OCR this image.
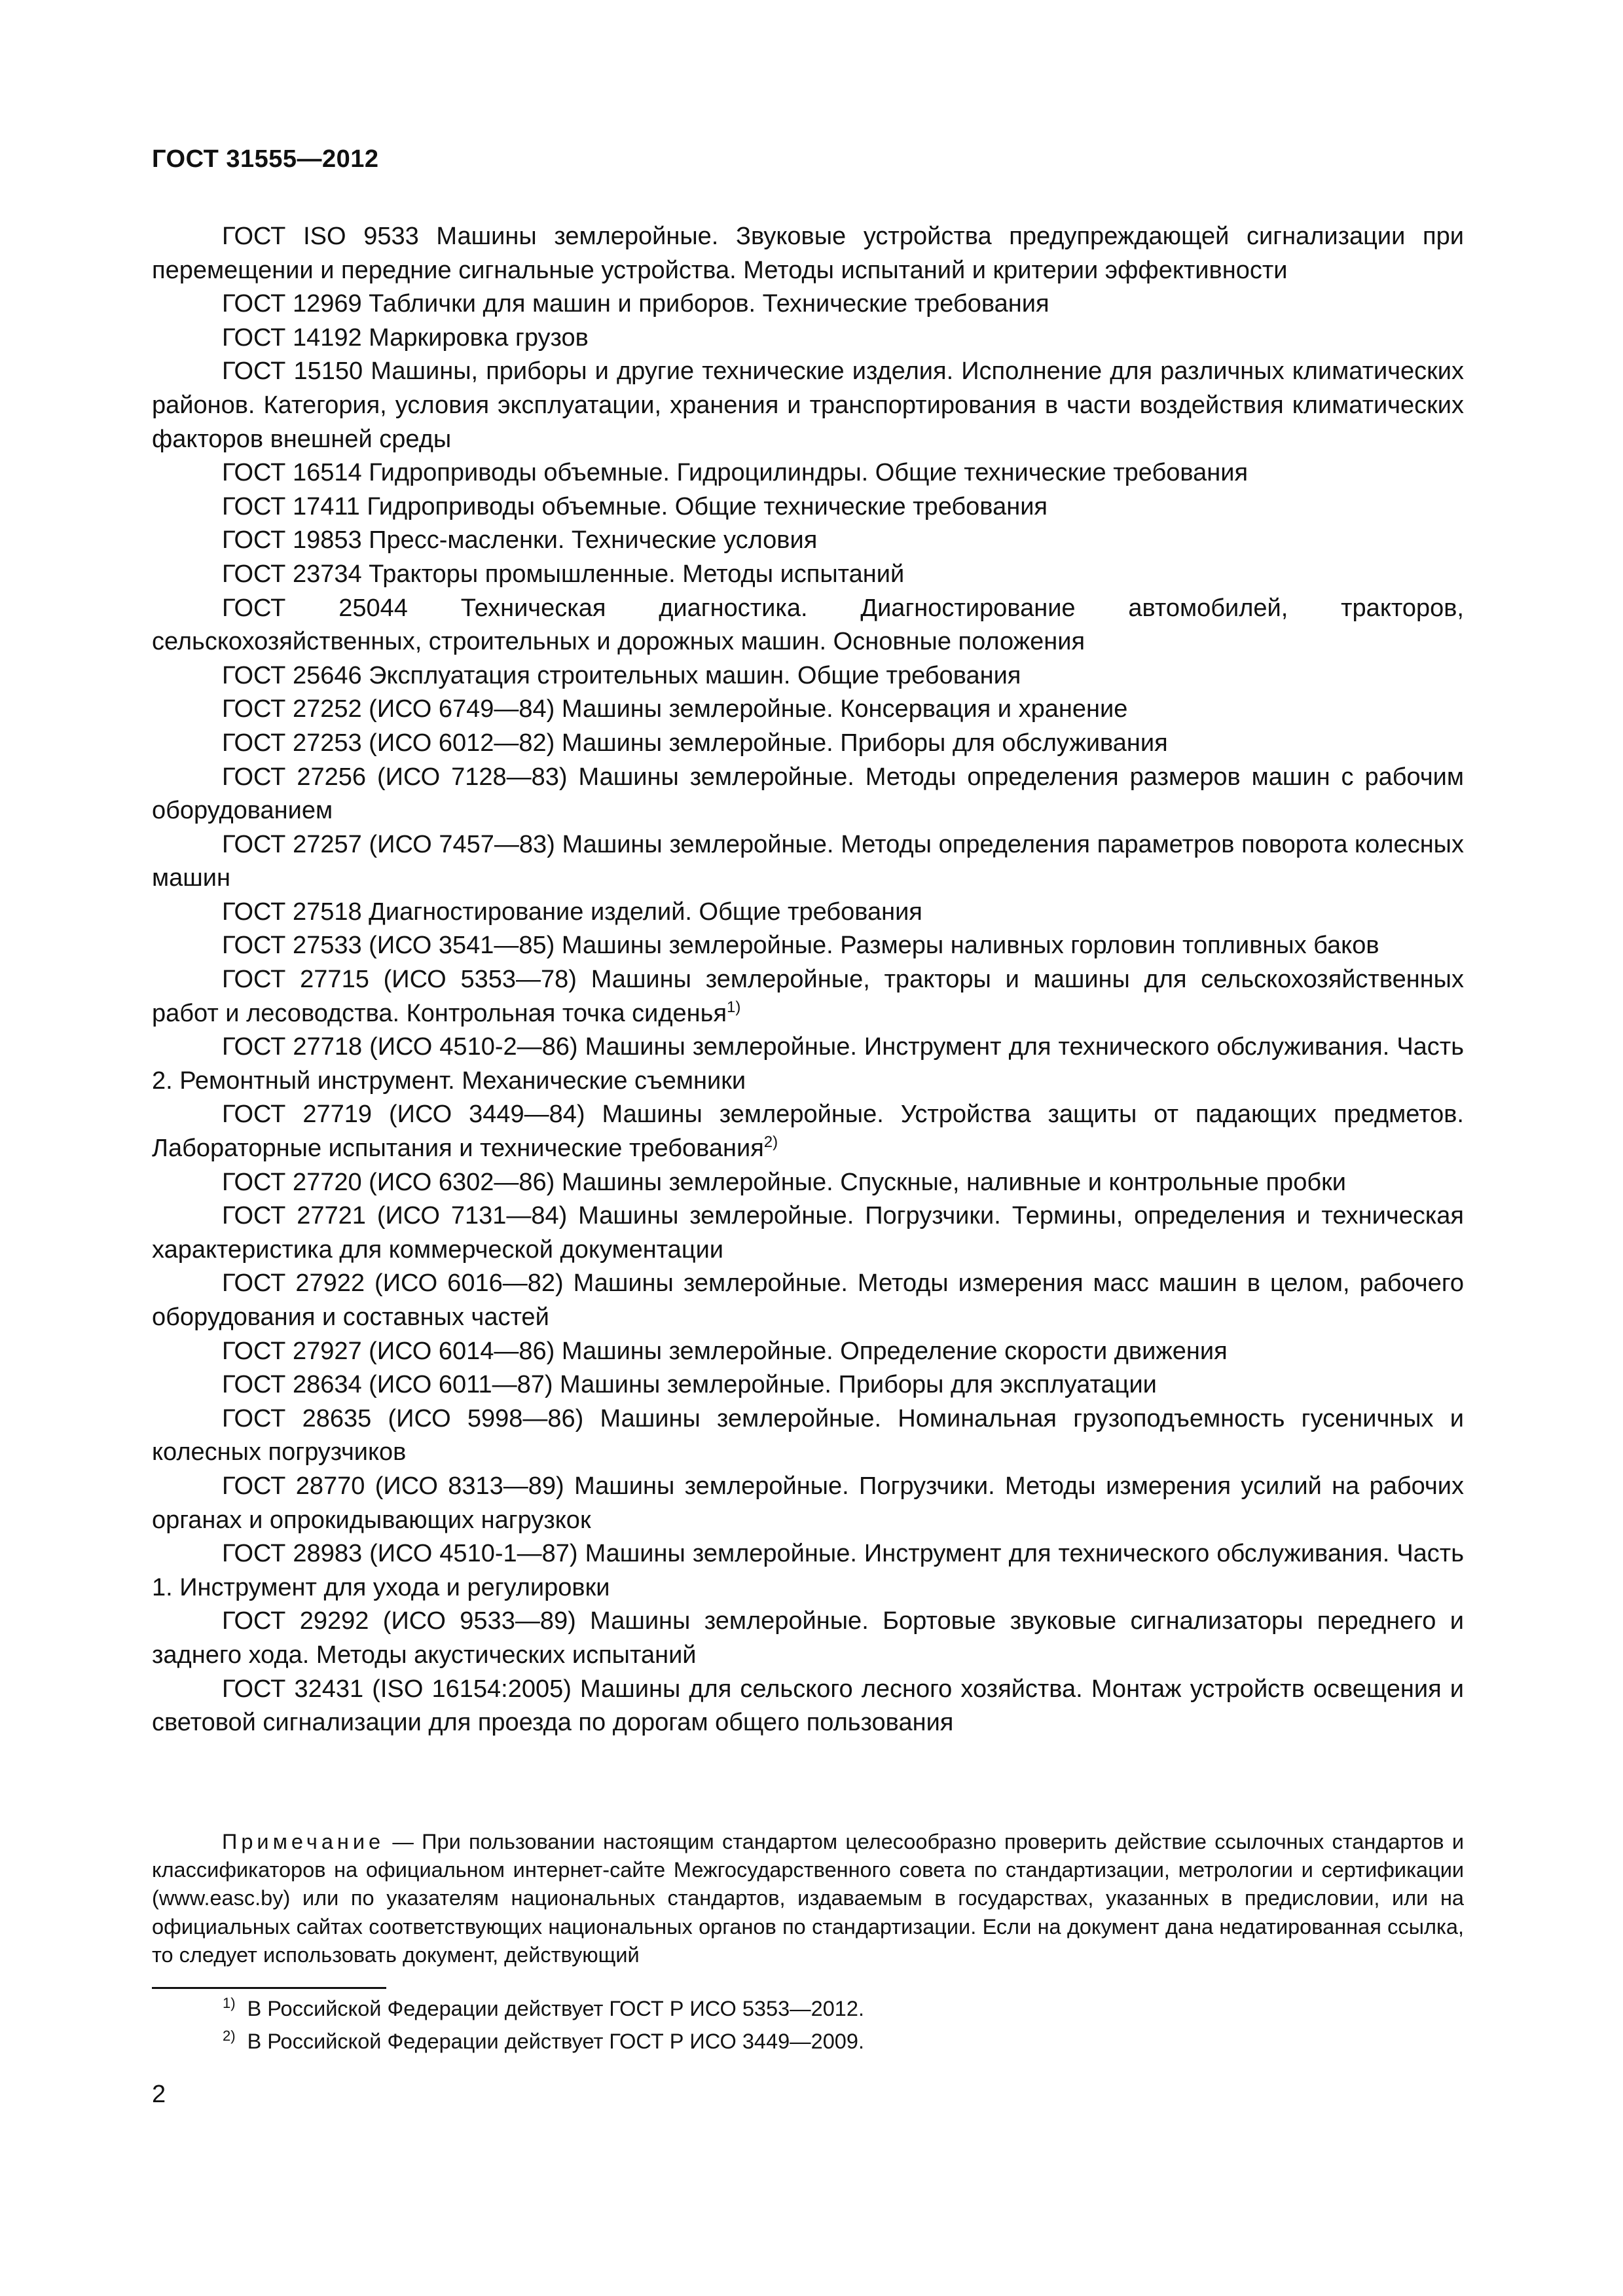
ГОСТ 31555—2012

ГОСТ ISO 9533 Машины землеройные. Звуковые устройства предупреждающей сигнализации при перемещении и передние сигнальные устройства. Методы испытаний и критерии эффективности

ГОСТ 12969 Таблички для машин и приборов. Технические требования

ГОСТ 14192 Маркировка грузов

ГОСТ 15150 Машины, приборы и другие технические изделия. Исполнение для различных климатических районов. Категория, условия эксплуатации, хранения и транспортирования в части воздействия климатических факторов внешней среды

ГОСТ 16514 Гидроприводы объемные. Гидроцилиндры. Общие технические требования

ГОСТ 17411 Гидроприводы объемные. Общие технические требования

ГОСТ 19853 Пресс-масленки. Технические условия

ГОСТ 23734 Тракторы промышленные. Методы испытаний

ГОСТ 25044 Техническая диагностика. Диагностирование автомобилей, тракторов, сельскохозяйственных, строительных и дорожных машин. Основные положения

ГОСТ 25646 Эксплуатация строительных машин. Общие требования

ГОСТ 27252 (ИСО 6749—84) Машины землеройные. Консервация и хранение

ГОСТ 27253 (ИСО 6012—82) Машины землеройные. Приборы для обслуживания

ГОСТ 27256 (ИСО 7128—83) Машины землеройные. Методы определения размеров машин с рабочим оборудованием

ГОСТ 27257 (ИСО 7457—83) Машины землеройные. Методы определения параметров поворота колесных машин

ГОСТ 27518 Диагностирование изделий. Общие требования

ГОСТ 27533 (ИСО 3541—85) Машины землеройные. Размеры наливных горловин топливных баков

ГОСТ 27715 (ИСО 5353—78) Машины землеройные, тракторы и машины для сельскохозяйственных работ и лесоводства. Контрольная точка сиденья$^{1)}$

ГОСТ 27718 (ИСО 4510-2—86) Машины землеройные. Инструмент для технического обслуживания. Часть 2. Ремонтный инструмент. Механические съемники

ГОСТ 27719 (ИСО 3449—84) Машины землеройные. Устройства защиты от падающих предметов. Лабораторные испытания и технические требования$^{2)}$

ГОСТ 27720 (ИСО 6302—86) Машины землеройные. Спускные, наливные и контрольные пробки

ГОСТ 27721 (ИСО 7131—84) Машины землеройные. Погрузчики. Термины, определения и техническая характеристика для коммерческой документации

ГОСТ 27922 (ИСО 6016—82) Машины землеройные. Методы измерения масс машин в целом, рабочего оборудования и составных частей

ГОСТ 27927 (ИСО 6014—86) Машины землеройные. Определение скорости движения

ГОСТ 28634 (ИСО 6011—87) Машины землеройные. Приборы для эксплуатации

ГОСТ 28635 (ИСО 5998—86) Машины землеройные. Номинальная грузоподъемность гусеничных и колесных погрузчиков

ГОСТ 28770 (ИСО 8313—89) Машины землеройные. Погрузчики. Методы измерения усилий на рабочих органах и опрокидывающих нагрузкок

ГОСТ 28983 (ИСО 4510-1—87) Машины землеройные. Инструмент для технического обслуживания. Часть 1. Инструмент для ухода и регулировки

ГОСТ 29292 (ИСО 9533—89) Машины землеройные. Бортовые звуковые сигнализаторы переднего и заднего хода. Методы акустических испытаний

ГОСТ 32431 (ISO 16154:2005) Машины для сельского лесного хозяйства. Монтаж устройств освещения и световой сигнализации для проезда по дорогам общего пользования

Примечание — При пользовании настоящим стандартом целесообразно проверить действие ссылочных стандартов и классификаторов на официальном интернет-сайте Межгосударственного совета по стандартизации, метрологии и сертификации (www.easc.by) или по указателям национальных стандартов, издаваемым в государствах, указанных в предисловии, или на официальных сайтах соответствующих национальных органов по стандартизации. Если на документ дана недатированная ссылка, то следует использовать документ, действующий

$^{1)}$ В Российской Федерации действует ГОСТ Р ИСО 5353—2012.

$^{2)}$ В Российской Федерации действует ГОСТ Р ИСО 3449—2009.

2
